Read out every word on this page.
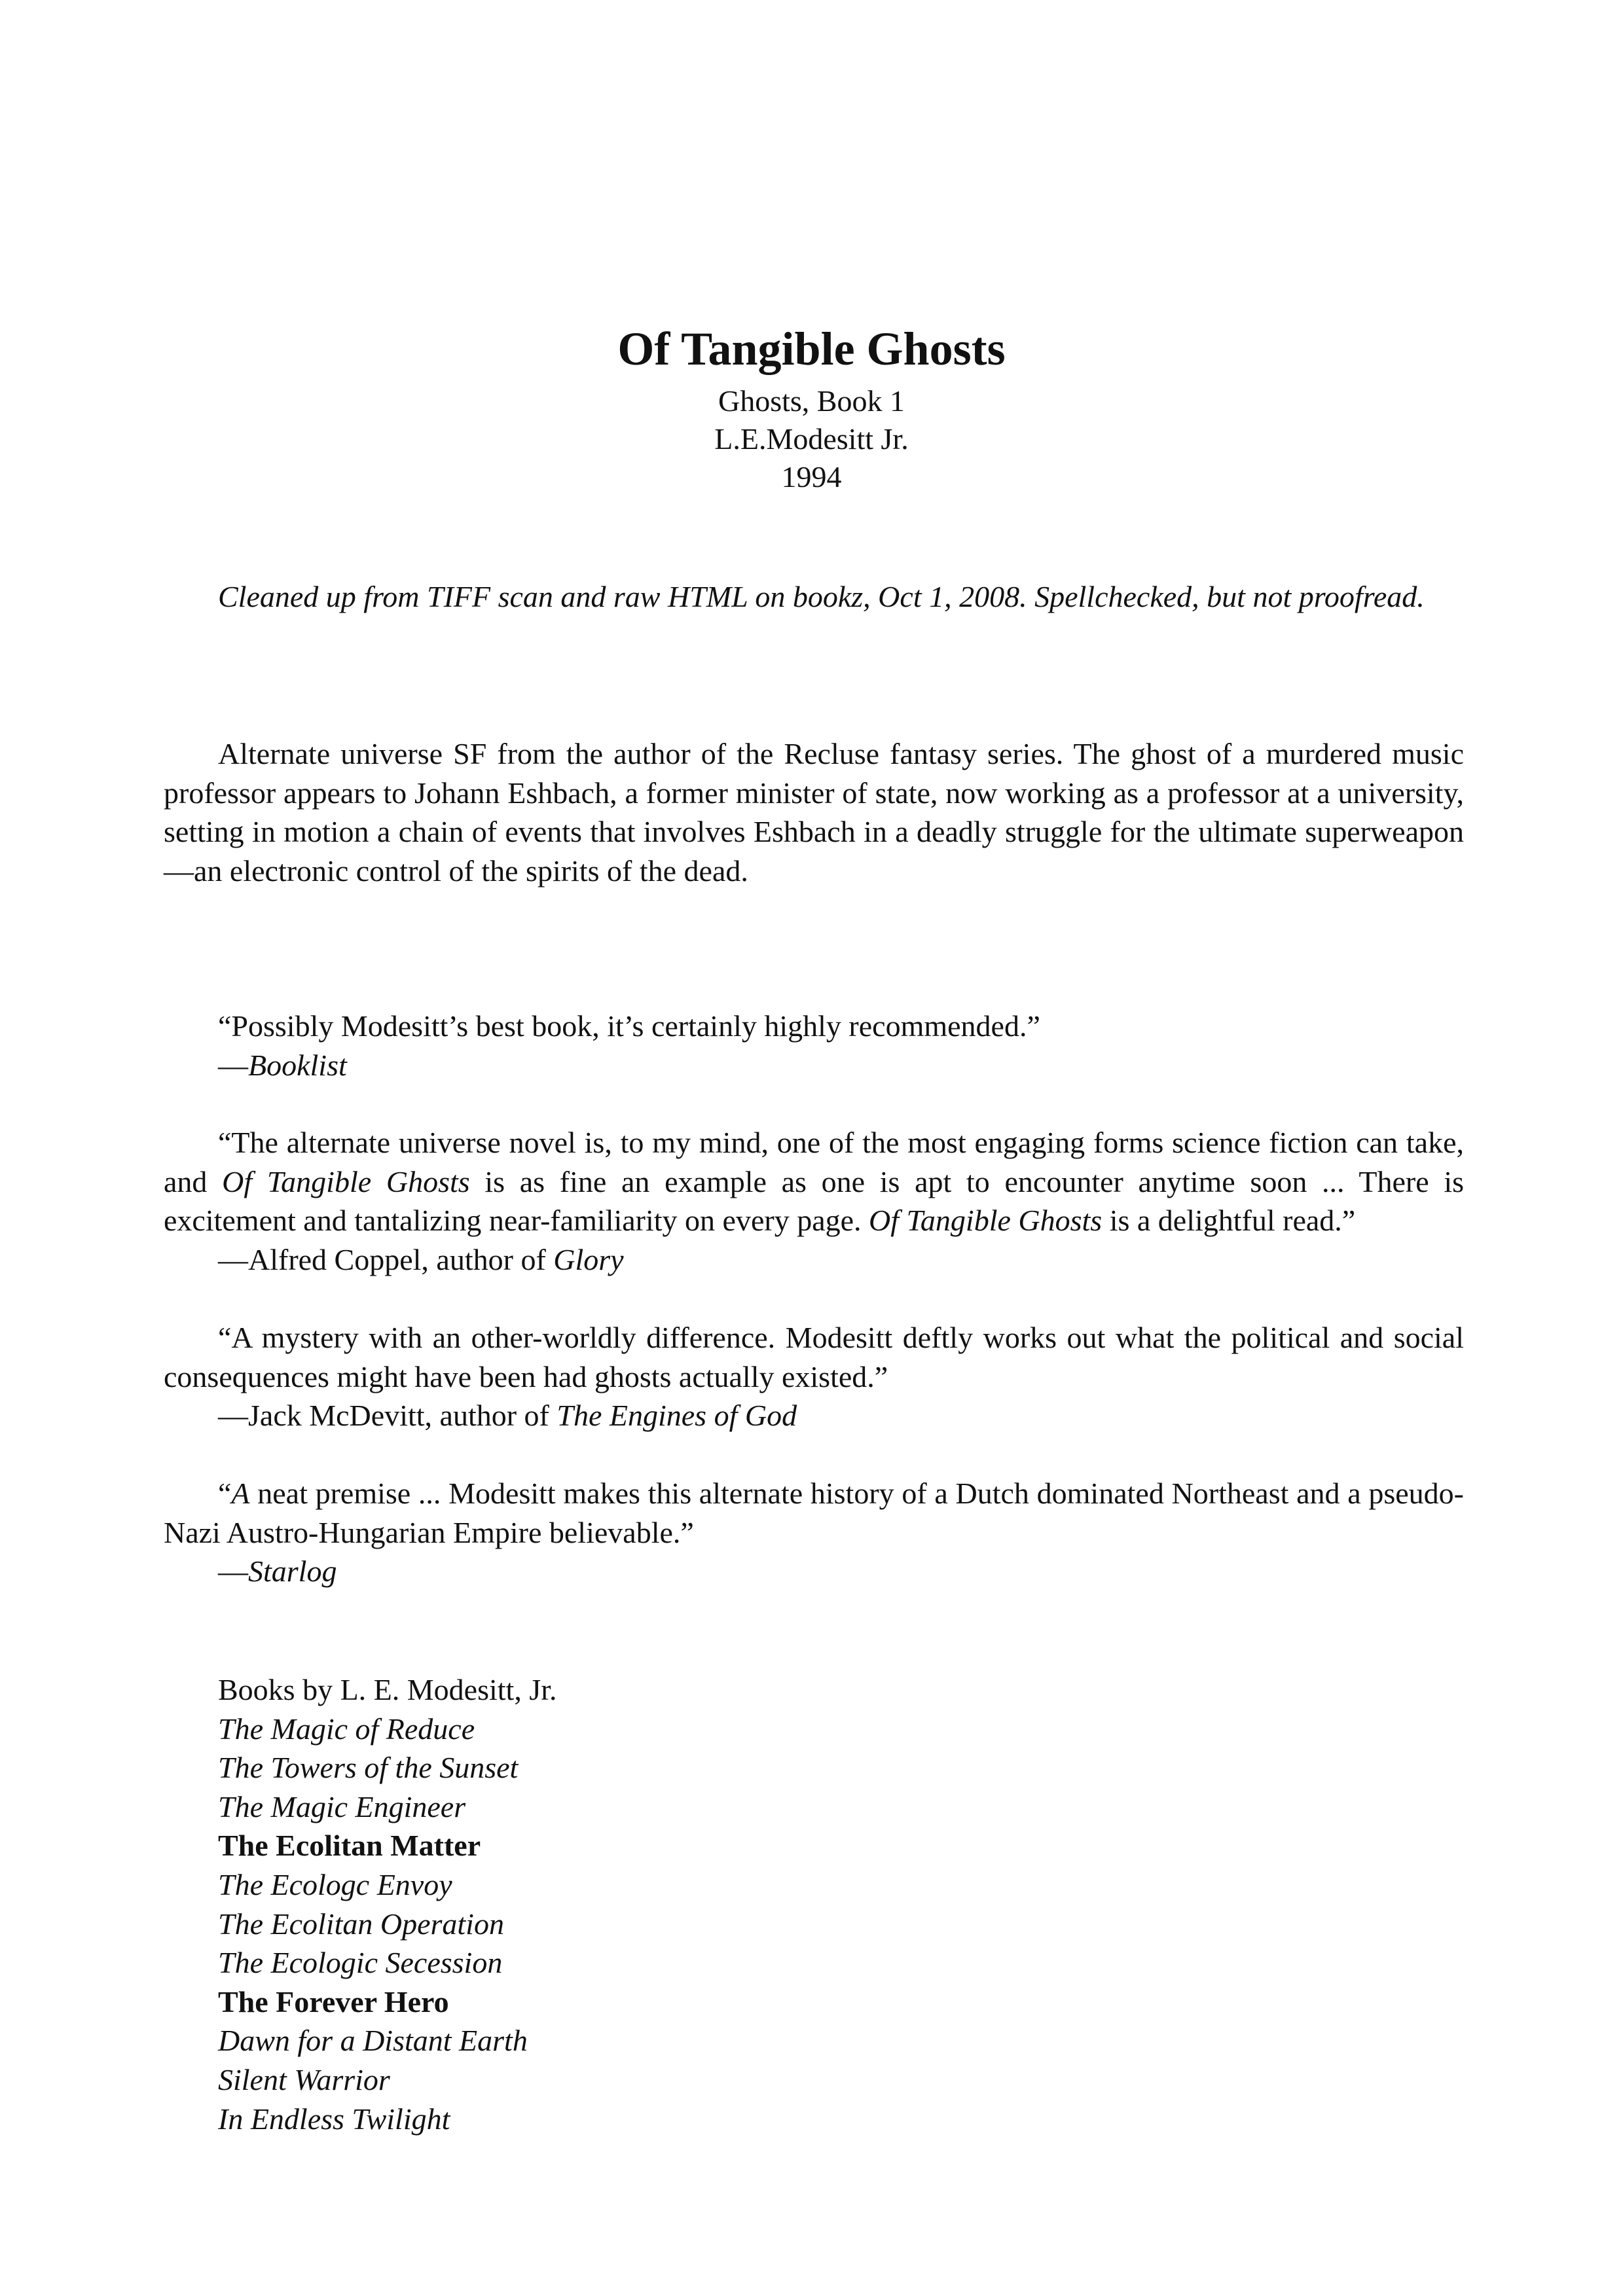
Of Tangible Ghosts

Ghosts, Book 1

L.E.Modesitt Jr.

1994

Cleaned up from TIFF scan and raw HTML on bookz, Oct 1, 2008. Spellchecked, but not proofread.

Alternate universe SF from the author of the Recluse fantasy series. The ghost of a murdered music professor appears to Johann Eshbach, a former minister of state, now working as a professor at a university, setting in motion a chain of events that involves Eshbach in a deadly struggle for the ultimate superweapon—an electronic control of the spirits of the dead.

“Possibly Modesitt’s best book, it’s certainly highly recommended.”

—Booklist

“The alternate universe novel is, to my mind, one of the most engaging forms science fiction can take, and Of Tangible Ghosts is as fine an example as one is apt to encounter anytime soon ... There is excitement and tantalizing near-familiarity on every page. Of Tangible Ghosts is a delightful read.”

—Alfred Coppel, author of Glory

“A mystery with an other-worldly difference. Modesitt deftly works out what the political and social consequences might have been had ghosts actually existed.”

—Jack McDevitt, author of The Engines of God

“A neat premise ... Modesitt makes this alternate history of a Dutch dominated Northeast and a pseudo-Nazi Austro-Hungarian Empire believable.”

—Starlog

Books by L. E. Modesitt, Jr.
The Magic of Reduce
The Towers of the Sunset
The Magic Engineer
The Ecolitan Matter
The Ecologc Envoy
The Ecolitan Operation
The Ecologic Secession
The Forever Hero
Dawn for a Distant Earth
Silent Warrior
In Endless Twilight
